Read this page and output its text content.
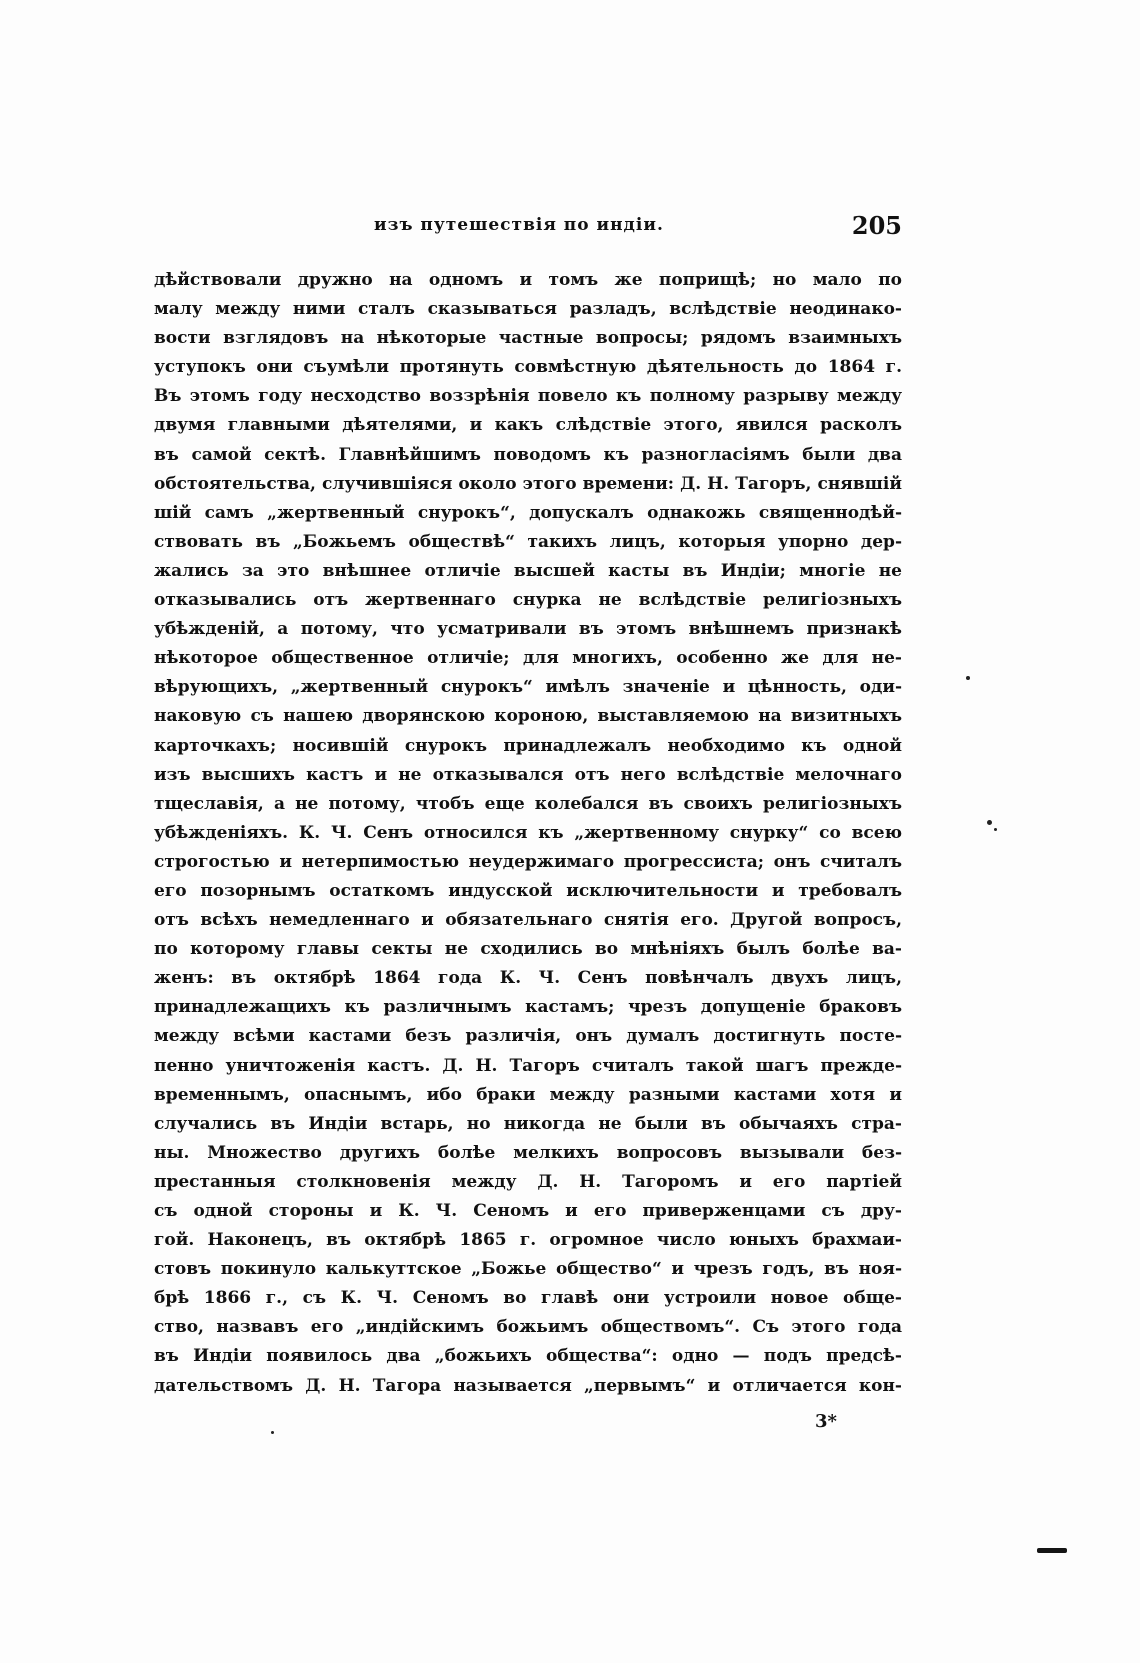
изъ путешествія по индіи.	205
дѣйствовали дружно на одномъ и томъ же поприщѣ; но мало по
малу между ними сталъ сказываться разладъ, вслѣдствіе неодинако-
вости взглядовъ на нѣкоторые частные вопросы; рядомъ взаимныхъ
уступокъ они съумѣли протянуть совмѣстную дѣятельность до 1864 г.
Въ этомъ году несходство воззрѣнія повело къ полному разрыву между
двумя главными дѣятелями, и какъ слѣдствіе этого, явился расколъ
въ самой сектѣ. Главнѣйшимъ поводомъ къ разногласіямъ были два
обстоятельства, случившіяся около этого времени: Д. Н. Тагоръ, снявшій
шій самъ „жертвенный снурокъ“, допускалъ однакожь священнодѣй-
ствовать въ „Божьемъ обществѣ“ такихъ лицъ, которыя упорно дер-
жались за это внѣшнее отличіе высшей касты въ Индіи; многіе не
отказывались отъ жертвеннаго снурка не вслѣдствіе религіозныхъ
убѣжденій, а потому, что усматривали въ этомъ внѣшнемъ признакѣ
нѣкоторое общественное отличіе; для многихъ, особенно же для не-
вѣрующихъ, „жертвенный снурокъ“ имѣлъ значеніе и цѣнность, оди-
наковую съ нашею дворянскою короною, выставляемою на визитныхъ
карточкахъ; носившій снурокъ принадлежалъ необходимо къ одной
изъ высшихъ кастъ и не отказывался отъ него вслѣдствіе мелочнаго
тщеславія, а не потому, чтобъ еще колебался въ своихъ религіозныхъ
убѣжденіяхъ. К. Ч. Сенъ относился къ „жертвенному снурку“ со всею
строгостью и нетерпимостью неудержимаго прогрессиста; онъ считалъ
его позорнымъ остаткомъ индусской исключительности и требовалъ
отъ всѣхъ немедленнаго и обязательнаго снятія его. Другой вопросъ,
по которому главы секты не сходились во мнѣніяхъ былъ болѣе ва-
женъ: въ октябрѣ 1864 года К. Ч. Сенъ повѣнчалъ двухъ лицъ,
принадлежащихъ къ различнымъ кастамъ; чрезъ допущеніе браковъ
между всѣми кастами безъ различія, онъ думалъ достигнуть посте-
пенно уничтоженія кастъ. Д. Н. Тагоръ считалъ такой шагъ прежде-
временнымъ, опаснымъ, ибо браки между разными кастами хотя и
случались въ Индіи встарь, но никогда не были въ обычаяхъ стра-
ны. Множество другихъ болѣе мелкихъ вопросовъ вызывали без-
престанныя столкновенія между Д. Н. Тагоромъ и его партіей
съ одной стороны и К. Ч. Сеномъ и его приверженцами съ дру-
гой. Наконецъ, въ октябрѣ 1865 г. огромное число юныхъ брахмаи-
стовъ покинуло калькуттское „Божье общество“ и чрезъ годъ, въ ноя-
брѣ 1866 г., съ К. Ч. Сеномъ во главѣ они устроили новое обще-
ство, назвавъ его „индійскимъ божьимъ обществомъ“. Съ этого года
въ Индіи появилось два „божьихъ общества“: одно — подъ предсѣ-
дательствомъ Д. Н. Тагора называется „первымъ“ и отличается кон-
3*
